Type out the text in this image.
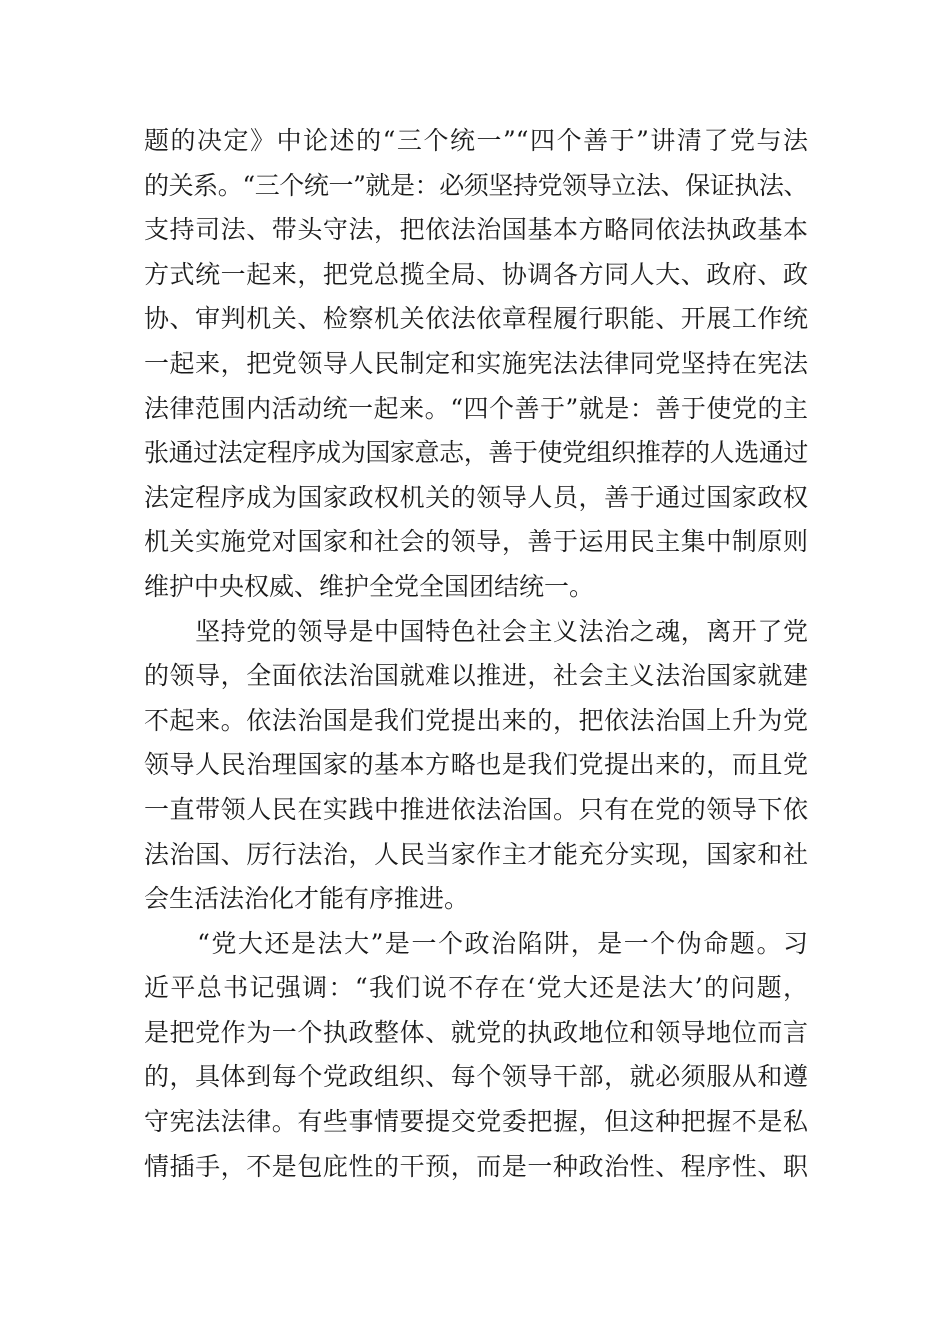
题的决定》中论述的“三个统一”“四个善于”讲清了党与法
的关系。“三个统一”就是：必须坚持党领导立法、保证执法、
支持司法、带头守法，把依法治国基本方略同依法执政基本
方式统一起来，把党总揽全局、协调各方同人大、政府、政
协、审判机关、检察机关依法依章程履行职能、开展工作统
一起来，把党领导人民制定和实施宪法法律同党坚持在宪法
法律范围内活动统一起来。“四个善于”就是：善于使党的主
张通过法定程序成为国家意志，善于使党组织推荐的人选通过
法定程序成为国家政权机关的领导人员，善于通过国家政权
机关实施党对国家和社会的领导，善于运用民主集中制原则
维护中央权威、维护全党全国团结统一。
　　坚持党的领导是中国特色社会主义法治之魂，离开了党
的领导，全面依法治国就难以推进，社会主义法治国家就建
不起来。依法治国是我们党提出来的，把依法治国上升为党
领导人民治理国家的基本方略也是我们党提出来的，而且党
一直带领人民在实践中推进依法治国。只有在党的领导下依
法治国、厉行法治，人民当家作主才能充分实现，国家和社
会生活法治化才能有序推进。
　　“党大还是法大”是一个政治陷阱，是一个伪命题。习
近平总书记强调：“我们说不存在‘党大还是法大’的问题，
是把党作为一个执政整体、就党的执政地位和领导地位而言
的，具体到每个党政组织、每个领导干部，就必须服从和遵
守宪法法律。有些事情要提交党委把握，但这种把握不是私
情插手，不是包庇性的干预，而是一种政治性、程序性、职
